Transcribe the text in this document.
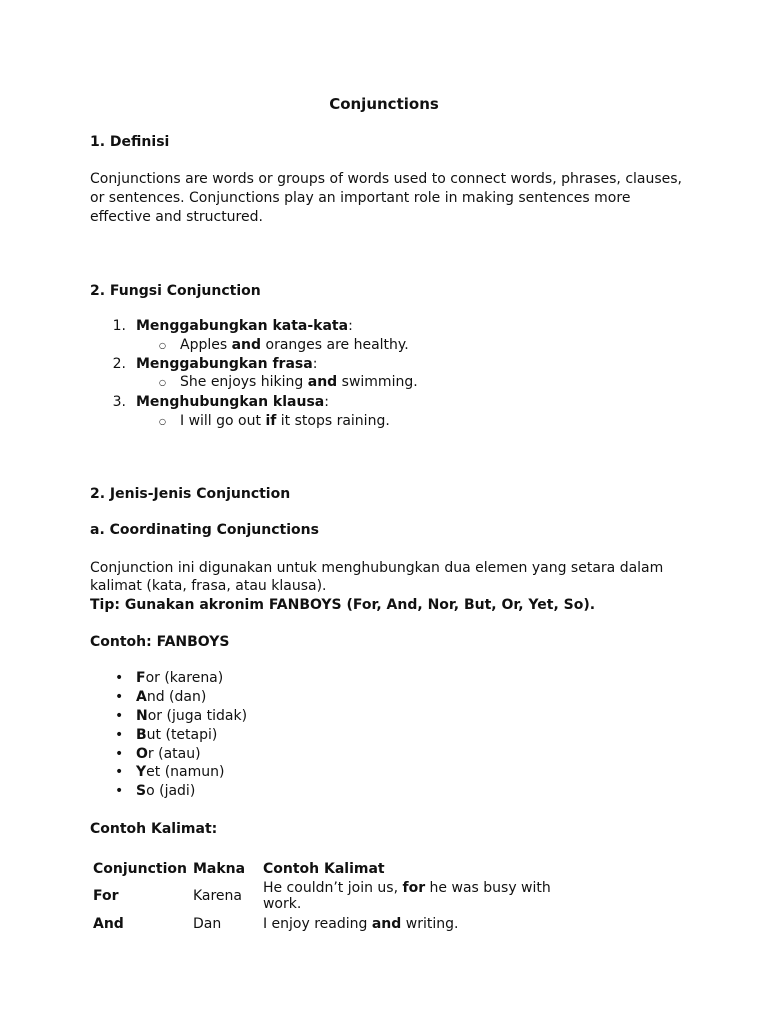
Conjunctions
1. Definisi
Conjunctions are words or groups of words used to connect words, phrases, clauses, or sentences. Conjunctions play an important role in making sentences more effective and structured.
2. Fungsi Conjunction
1. Menggabungkan kata-kata:
○ Apples and oranges are healthy.
2. Menggabungkan frasa:
○ She enjoys hiking and swimming.
3. Menghubungkan klausa:
○ I will go out if it stops raining.
2. Jenis-Jenis Conjunction
a. Coordinating Conjunctions
Conjunction ini digunakan untuk menghubungkan dua elemen yang setara dalam
kalimat (kata, frasa, atau klausa).
Tip: Gunakan akronim FANBOYS (For, And, Nor, But, Or, Yet, So).
Contoh: FANBOYS
• For (karena)
• And (dan)
• Nor (juga tidak)
• But (tetapi)
• Or (atau)
• Yet (namun)
• So (jadi)
Contoh Kalimat:
Conjunction	Makna	Contoh Kalimat
For	Karena	He couldn’t join us, for he was busy with work.
And	Dan	I enjoy reading and writing.
